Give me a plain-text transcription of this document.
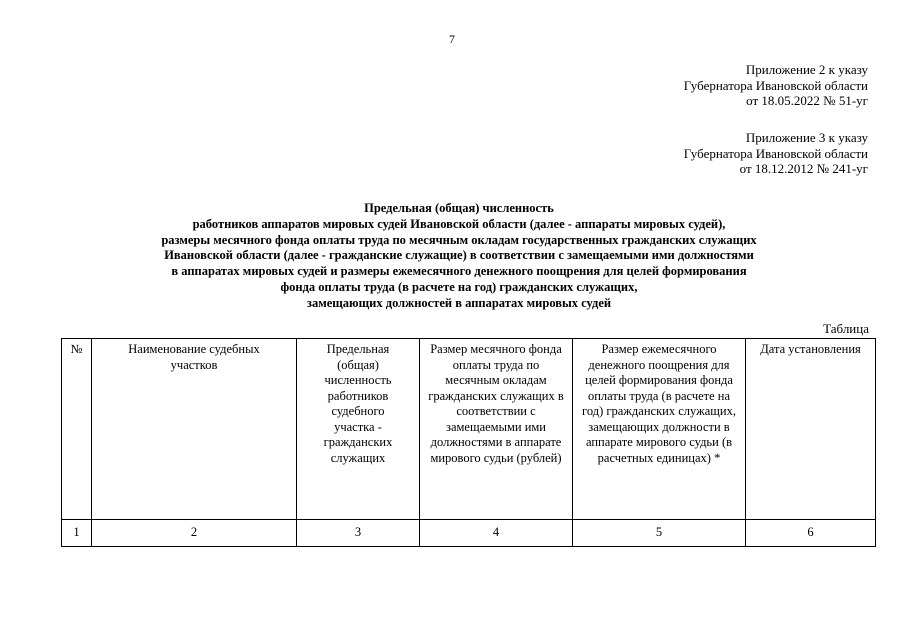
7
Приложение 2 к указу
Губернатора Ивановской области
от 18.05.2022 № 51-уг
Приложение 3 к указу
Губернатора Ивановской области
от 18.12.2012 № 241-уг
Предельная (общая) численность
работников аппаратов мировых судей Ивановской области (далее - аппараты мировых судей),
размеры месячного фонда оплаты труда по месячным окладам государственных гражданских служащих
Ивановской области (далее - гражданские служащие) в соответствии с замещаемыми ими должностями
в аппаратах мировых судей и размеры ежемесячного денежного поощрения для целей формирования
фонда оплаты труда (в расчете на год) гражданских служащих,
замещающих должностей в аппаратах мировых судей
Таблица
№	Наименование судебных участков	Предельная (общая) численность работников судебного участка - гражданских служащих	Размер месячного фонда оплаты труда по месячным окладам гражданских служащих в соответствии с замещаемыми ими должностями в аппарате мирового судьи (рублей)	Размер ежемесячного денежного поощрения для целей формирования фонда оплаты труда (в расчете на год) гражданских служащих, замещающих должности в аппарате мирового судьи (в расчетных единицах) *	Дата установления
1	2	3	4	5	6
